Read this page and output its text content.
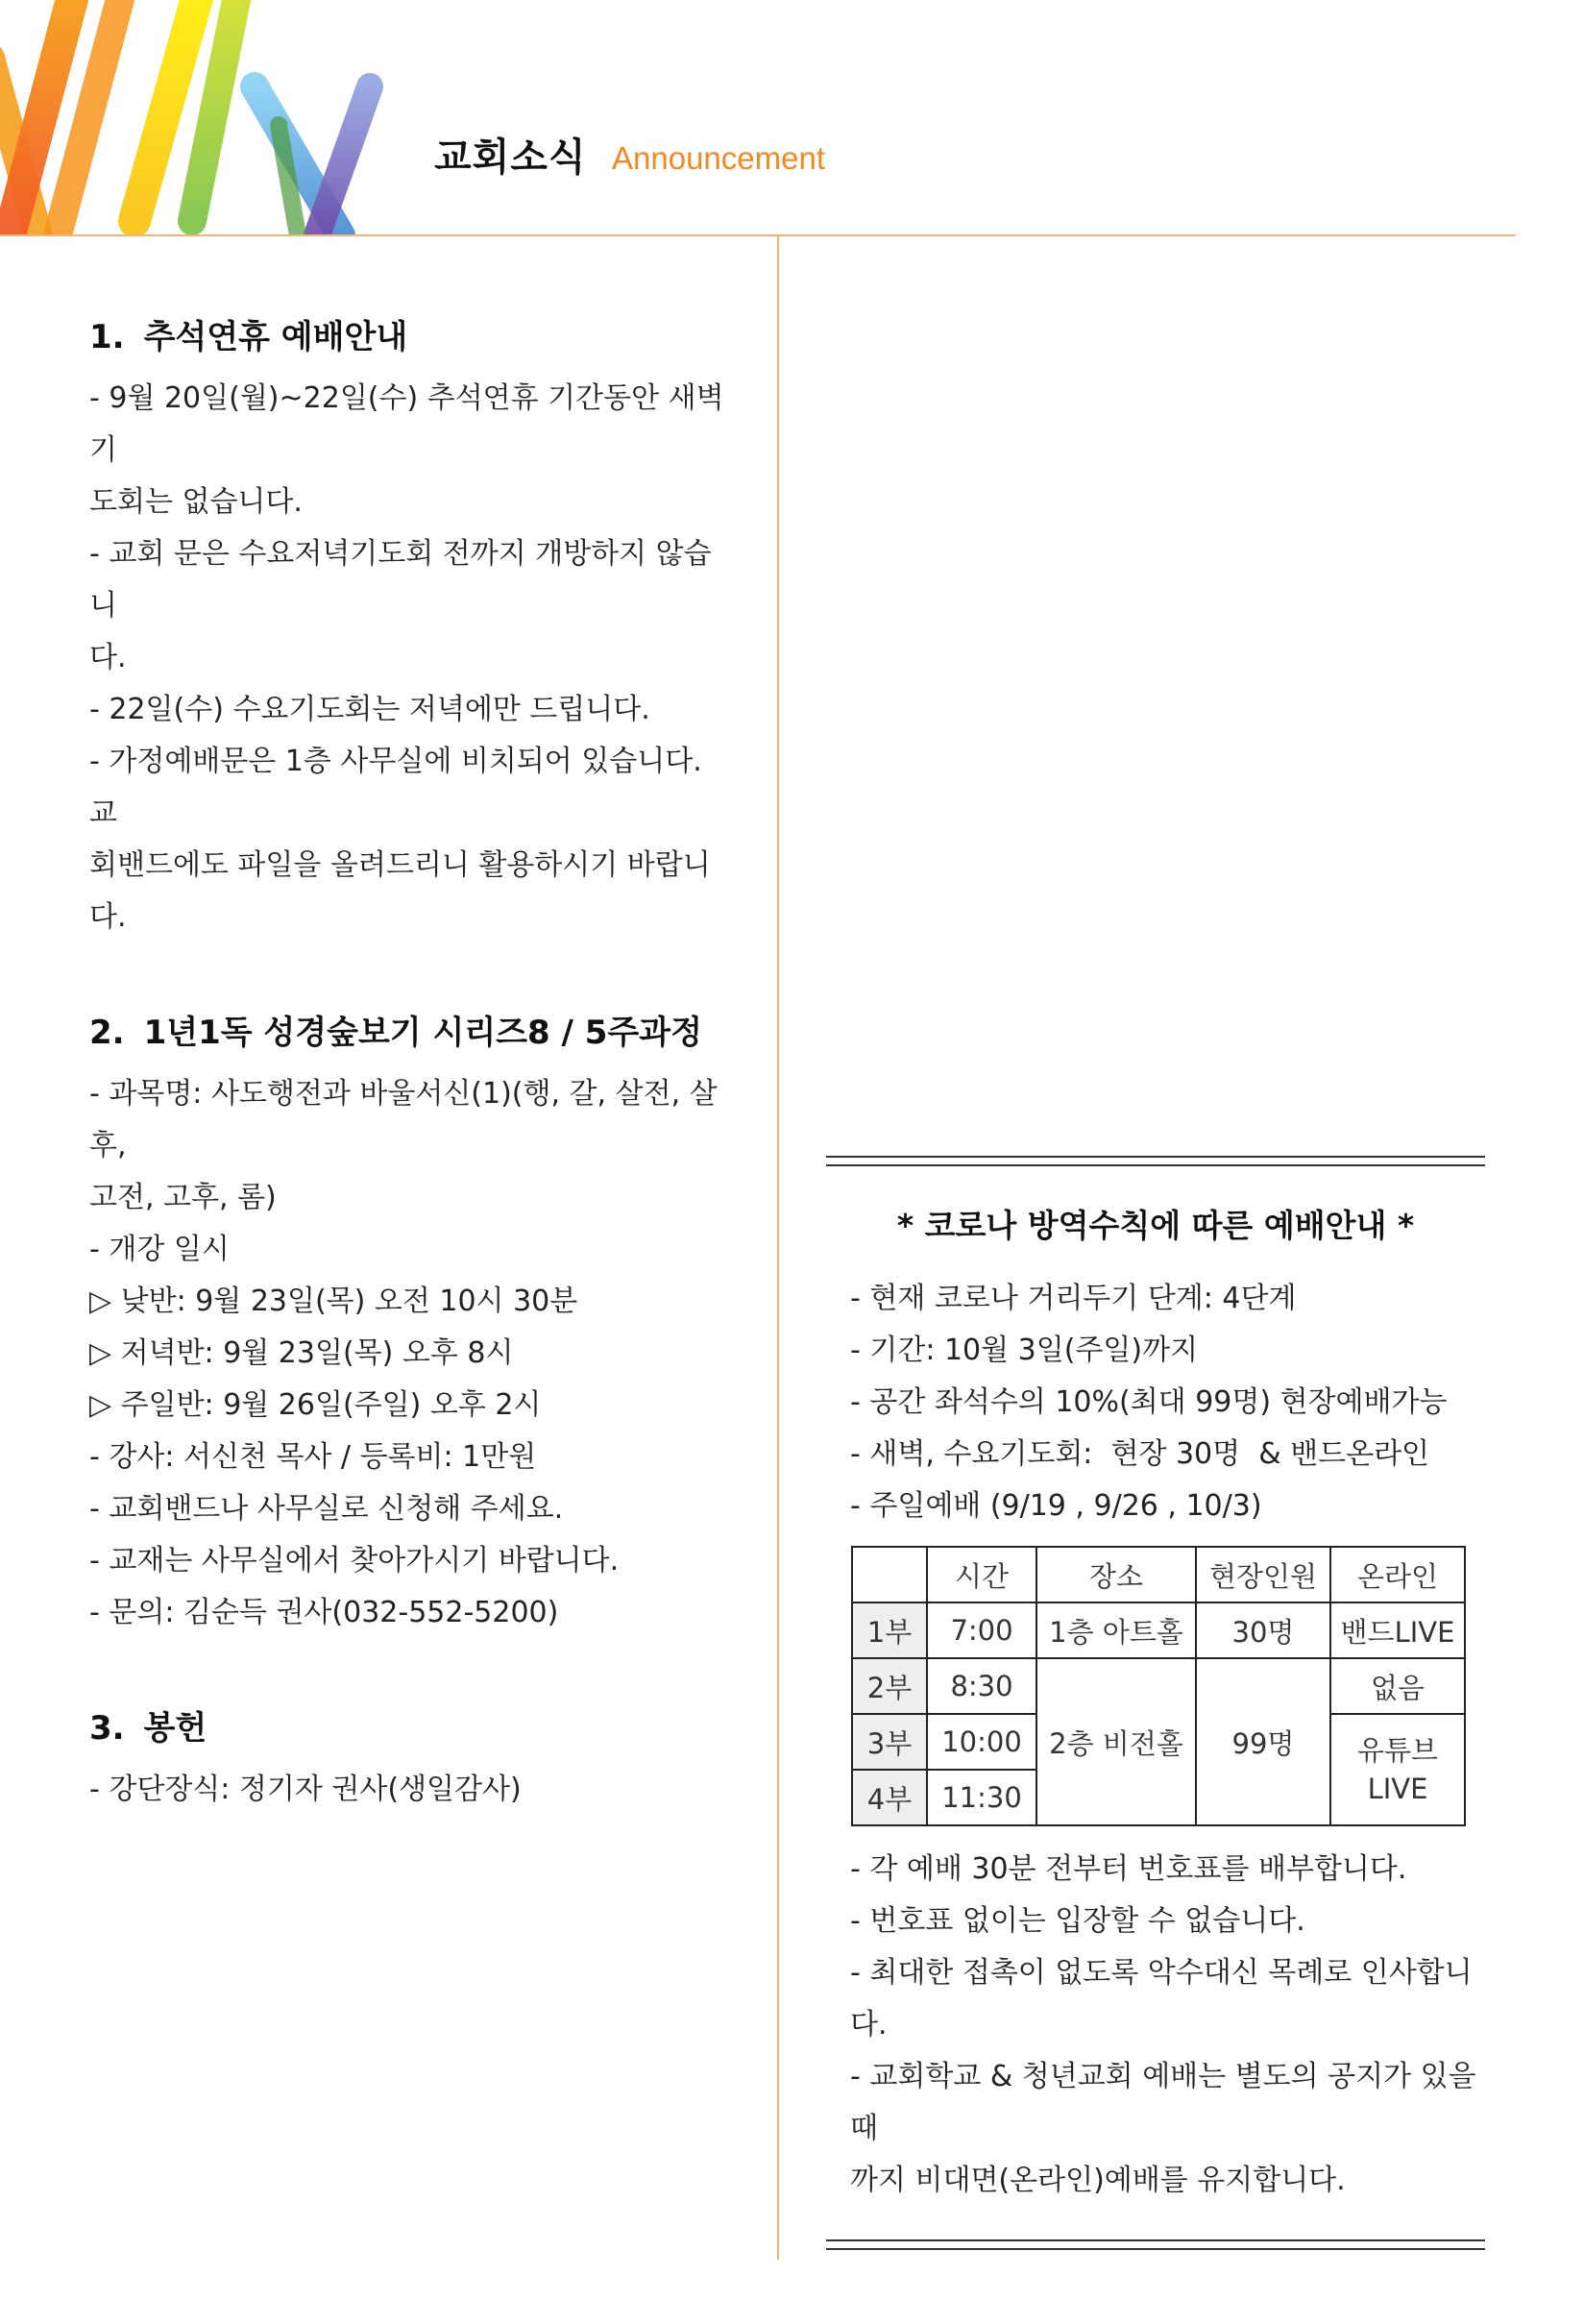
교회소식 Announcement
1. 추석연휴 예배안내
- 9월 20일(월)~22일(수) 추석연휴 기간동안 새벽기
도회는 없습니다.
- 교회 문은 수요저녁기도회 전까지 개방하지 않습니
다.
- 22일(수) 수요기도회는 저녁에만 드립니다.
- 가정예배문은 1층 사무실에 비치되어 있습니다. 교
회밴드에도 파일을 올려드리니 활용하시기 바랍니다.
2. 1년1독 성경숲보기 시리즈8 / 5주과정
- 과목명: 사도행전과 바울서신(1)(행, 갈, 살전, 살후,
고전, 고후, 롬)
- 개강 일시
▷ 낮반: 9월 23일(목) 오전 10시 30분
▷ 저녁반: 9월 23일(목) 오후 8시
▷ 주일반: 9월 26일(주일) 오후 2시
- 강사: 서신천 목사 / 등록비: 1만원
- 교회밴드나 사무실로 신청해 주세요.
- 교재는 사무실에서 찾아가시기 바랍니다.
- 문의: 김순득 권사(032-552-5200)
3. 봉헌
- 강단장식: 정기자 권사(생일감사)
* 코로나 방역수칙에 따른 예배안내 *
- 현재 코로나 거리두기 단계: 4단계
- 기간: 10월 3일(주일)까지
- 공간 좌석수의 10%(최대 99명) 현장예배가능
- 새벽, 수요기도회:  현장 30명  & 밴드온라인
- 주일예배 (9/19 , 9/26 , 10/3)
	시간	장소	현장인원	온라인
1부	7:00	1층 아트홀	30명	밴드LIVE
2부	8:30	2층 비전홀	99명	없음
3부	10:00			유튜브
LIVE
4부	11:30			
- 각 예배 30분 전부터 번호표를 배부합니다.
- 번호표 없이는 입장할 수 없습니다.
- 최대한 접촉이 없도록 악수대신 목례로 인사합니다.
- 교회학교 & 청년교회 예배는 별도의 공지가 있을 때
까지 비대면(온라인)예배를 유지합니다.
